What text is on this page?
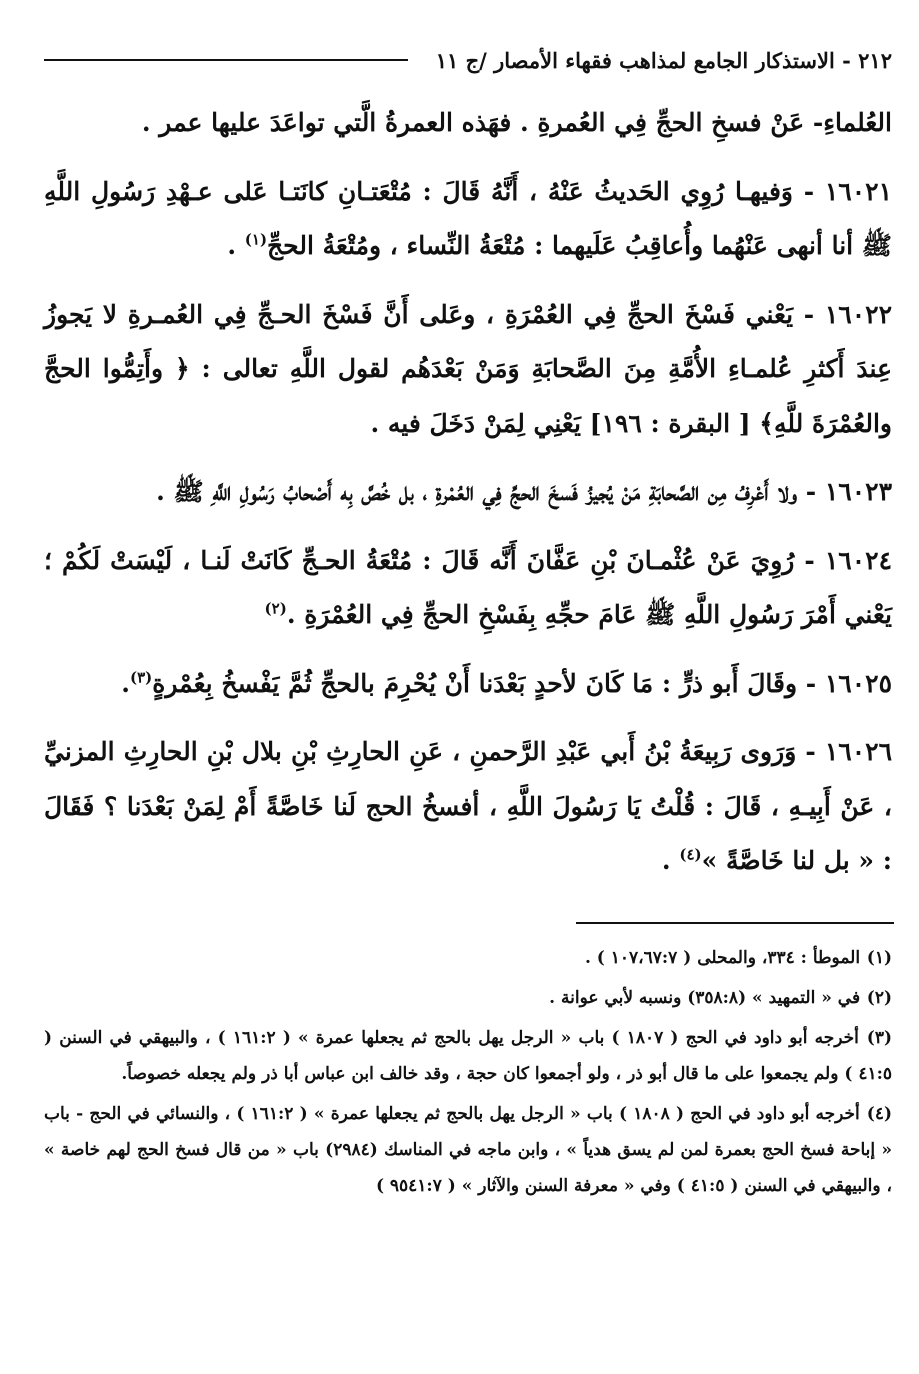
٢١٢ - الاستذكار الجامع لمذاهب فقهاء الأمصار /ج ١١

العُلماءِ- عَنْ فسخِ الحجِّ فِي العُمرةِ . فهَذه العمرةُ الَّتي تواعَدَ عليها عمر .

١٦٠٢١ - وَفيهـا رُوِي الحَديثُ عَنْهُ ، أَنَّهُ قَالَ : مُتْعَتـانِ كانَتـا عَلى عـهْدِ رَسُولِ اللَّهِ ﷺ أنا أنهى عَنْهُما وأُعاقِبُ عَلَيهما : مُتْعَةُ النِّساء ، ومُتْعَةُ الحجِّ$^{(١)}$ .

١٦٠٢٢ - يَعْني فَسْخَ الحجِّ فِي العُمْرَةِ ، وعَلى أَنَّ فَسْخَ الحـجِّ فِي العُمـرةِ لا يَجوزُ عِندَ أَكثرِ عُلمـاءِ الأُمَّةِ مِنَ الصَّحابَةِ وَمَنْ بَعْدَهُم لقول اللَّهِ تعالى : ﴿ وأَتِمُّوا الحجَّ والعُمْرَةَ للَّهِ﴾ [ البقرة : ١٩٦] يَعْنِي لِمَنْ دَخَلَ فيه .

١٦٠٢٣ - ولا أَعْرِفُ مِن الصَّحابَةِ مَنْ يُجيزُ فَسخَ الحجِّ فِي العُمْرةِ ، بل خُصَّ بِه أَصْحابُ رَسُولِ اللَّهِ ﷺ .

١٦٠٢٤ - رُوِيَ عَنْ عُثْمـانَ بْنِ عَفَّانَ أَنَّه قَالَ : مُتْعَةُ الحـجِّ كَانَتْ لَنـا ، لَيْسَتْ لَكُمْ ؛ يَعْني أَمْرَ رَسُولِ اللَّهِ ﷺ عَامَ حجِّهِ بِفَسْخِ الحجِّ فِي العُمْرَةِ .$^{(٢)}$

١٦٠٢٥ - وقَالَ أَبو ذرٍّ : مَا كَانَ لأحدٍ بَعْدَنا أَنْ يُحْرِمَ بالحجِّ ثُمَّ يَفْسخُ بِعُمْرةٍ$^{(٣)}$.

١٦٠٢٦ - وَرَوى رَبِيعَةُ بْنُ أَبي عَبْدِ الرَّحمنِ ، عَنِ الحارِثِ بْنِ بلال بْنِ الحارِثِ المزنيِّ ، عَنْ أَبِيـهِ ، قَالَ : قُلْتُ يَا رَسُولَ اللَّهِ ، أفسخُ الحج لَنا خَاصَّةً أَمْ لِمَنْ بَعْدَنا ؟ فَقَالَ : « بل لنا خَاصَّةً »$^{(٤)}$ .

(١) الموطأ : ٣٣٤، والمحلى ( ١٠٧،٦٧:٧ ) .

(٢) في « التمهيد » (٣٥٨:٨) ونسبه لأبي عوانة .

(٣) أخرجه أبو داود في الحج ( ١٨٠٧ ) باب « الرجل يهل بالحج ثم يجعلها عمرة » ( ١٦١:٢ ) ، والبيهقي في السنن ( ٤١:٥ ) ولم يجمعوا على ما قال أبو ذر ، ولو أجمعوا كان حجة ، وقد خالف ابن عباس أبا ذر ولم يجعله خصوصاً.

(٤) أخرجه أبو داود في الحج ( ١٨٠٨ ) باب « الرجل يهل بالحج ثم يجعلها عمرة » ( ١٦١:٢ ) ، والنسائي في الحج - باب « إباحة فسخ الحج بعمرة لمن لم يسق هدياً » ، وابن ماجه في المناسك (٢٩٨٤) باب « من قال فسخ الحج لهم خاصة » ، والبيهقي في السنن ( ٤١:٥ ) وفي « معرفة السنن والآثار » ( ٩٥٤١:٧ )
